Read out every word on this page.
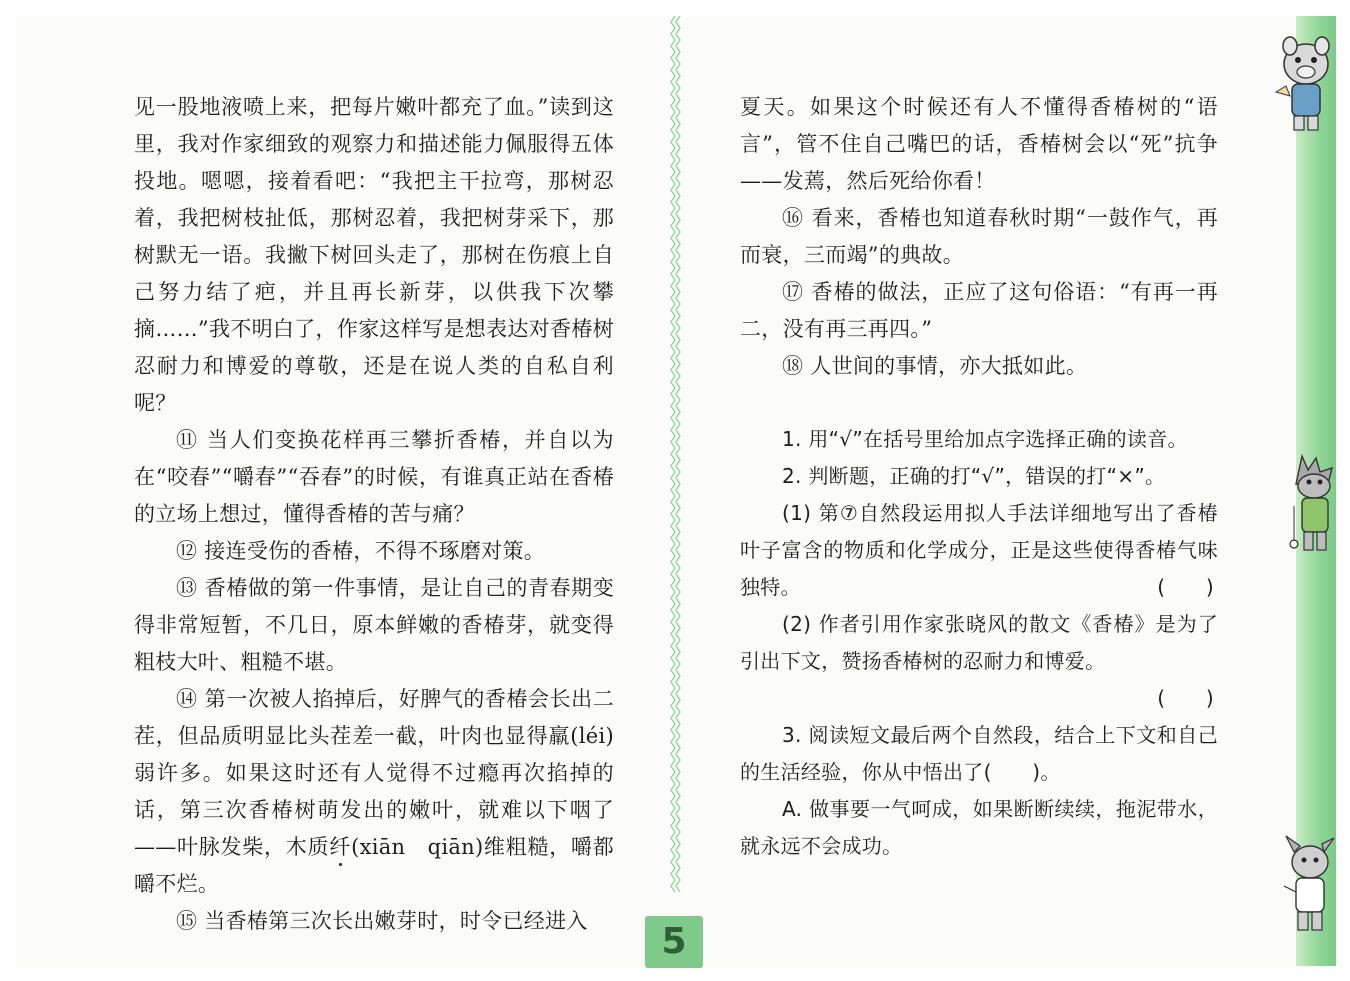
见一股地液喷上来，把每片嫩叶都充了血。”读到这里，我对作家细致的观察力和描述能力佩服得五体投地。嗯嗯，接着看吧：“我把主干拉弯，那树忍着，我把树枝扯低，那树忍着，我把树芽采下，那树默无一语。我撇下树回头走了，那树在伤痕上自己努力结了疤，并且再长新芽，以供我下次攀摘……”我不明白了，作家这样写是想表达对香椿树忍耐力和博爱的尊敬，还是在说人类的自私自利呢？

⑪ 当人们变换花样再三攀折香椿，并自以为在“咬春”“嚼春”“吞春”的时候，有谁真正站在香椿的立场上想过，懂得香椿的苦与痛？

⑫ 接连受伤的香椿，不得不琢磨对策。

⑬ 香椿做的第一件事情，是让自己的青春期变得非常短暂，不几日，原本鲜嫩的香椿芽，就变得粗枝大叶、粗糙不堪。

⑭ 第一次被人掐掉后，好脾气的香椿会长出二茬，但品质明显比头茬差一截，叶肉也显得羸(léi)弱许多。如果这时还有人觉得不过瘾再次掐掉的话，第三次香椿树萌发出的嫩叶，就难以下咽了——叶脉发柴，木质纤(xiān　qiān)维粗糙，嚼都嚼不烂。

⑮ 当香椿第三次长出嫩芽时，时令已经进入

夏天。如果这个时候还有人不懂得香椿树的“语言”，管不住自己嘴巴的话，香椿树会以“死”抗争——发蔫，然后死给你看！

⑯ 看来，香椿也知道春秋时期“一鼓作气，再而衰，三而竭”的典故。

⑰ 香椿的做法，正应了这句俗语：“有再一再二，没有再三再四。”

⑱ 人世间的事情，亦大抵如此。

1. 用“√”在括号里给加点字选择正确的读音。

2. 判断题，正确的打“√”，错误的打“×”。

(1) 第⑦自然段运用拟人手法详细地写出了香椿叶子富含的物质和化学成分，正是这些使得香椿气味独特。	(　　)

(2) 作者引用作家张晓风的散文《香椿》是为了引出下文，赞扬香椿树的忍耐力和博爱。

(　　)

3. 阅读短文最后两个自然段，结合上下文和自己的生活经验，你从中悟出了(　　)。

A. 做事要一气呵成，如果断断续续，拖泥带水，就永远不会成功。

5
